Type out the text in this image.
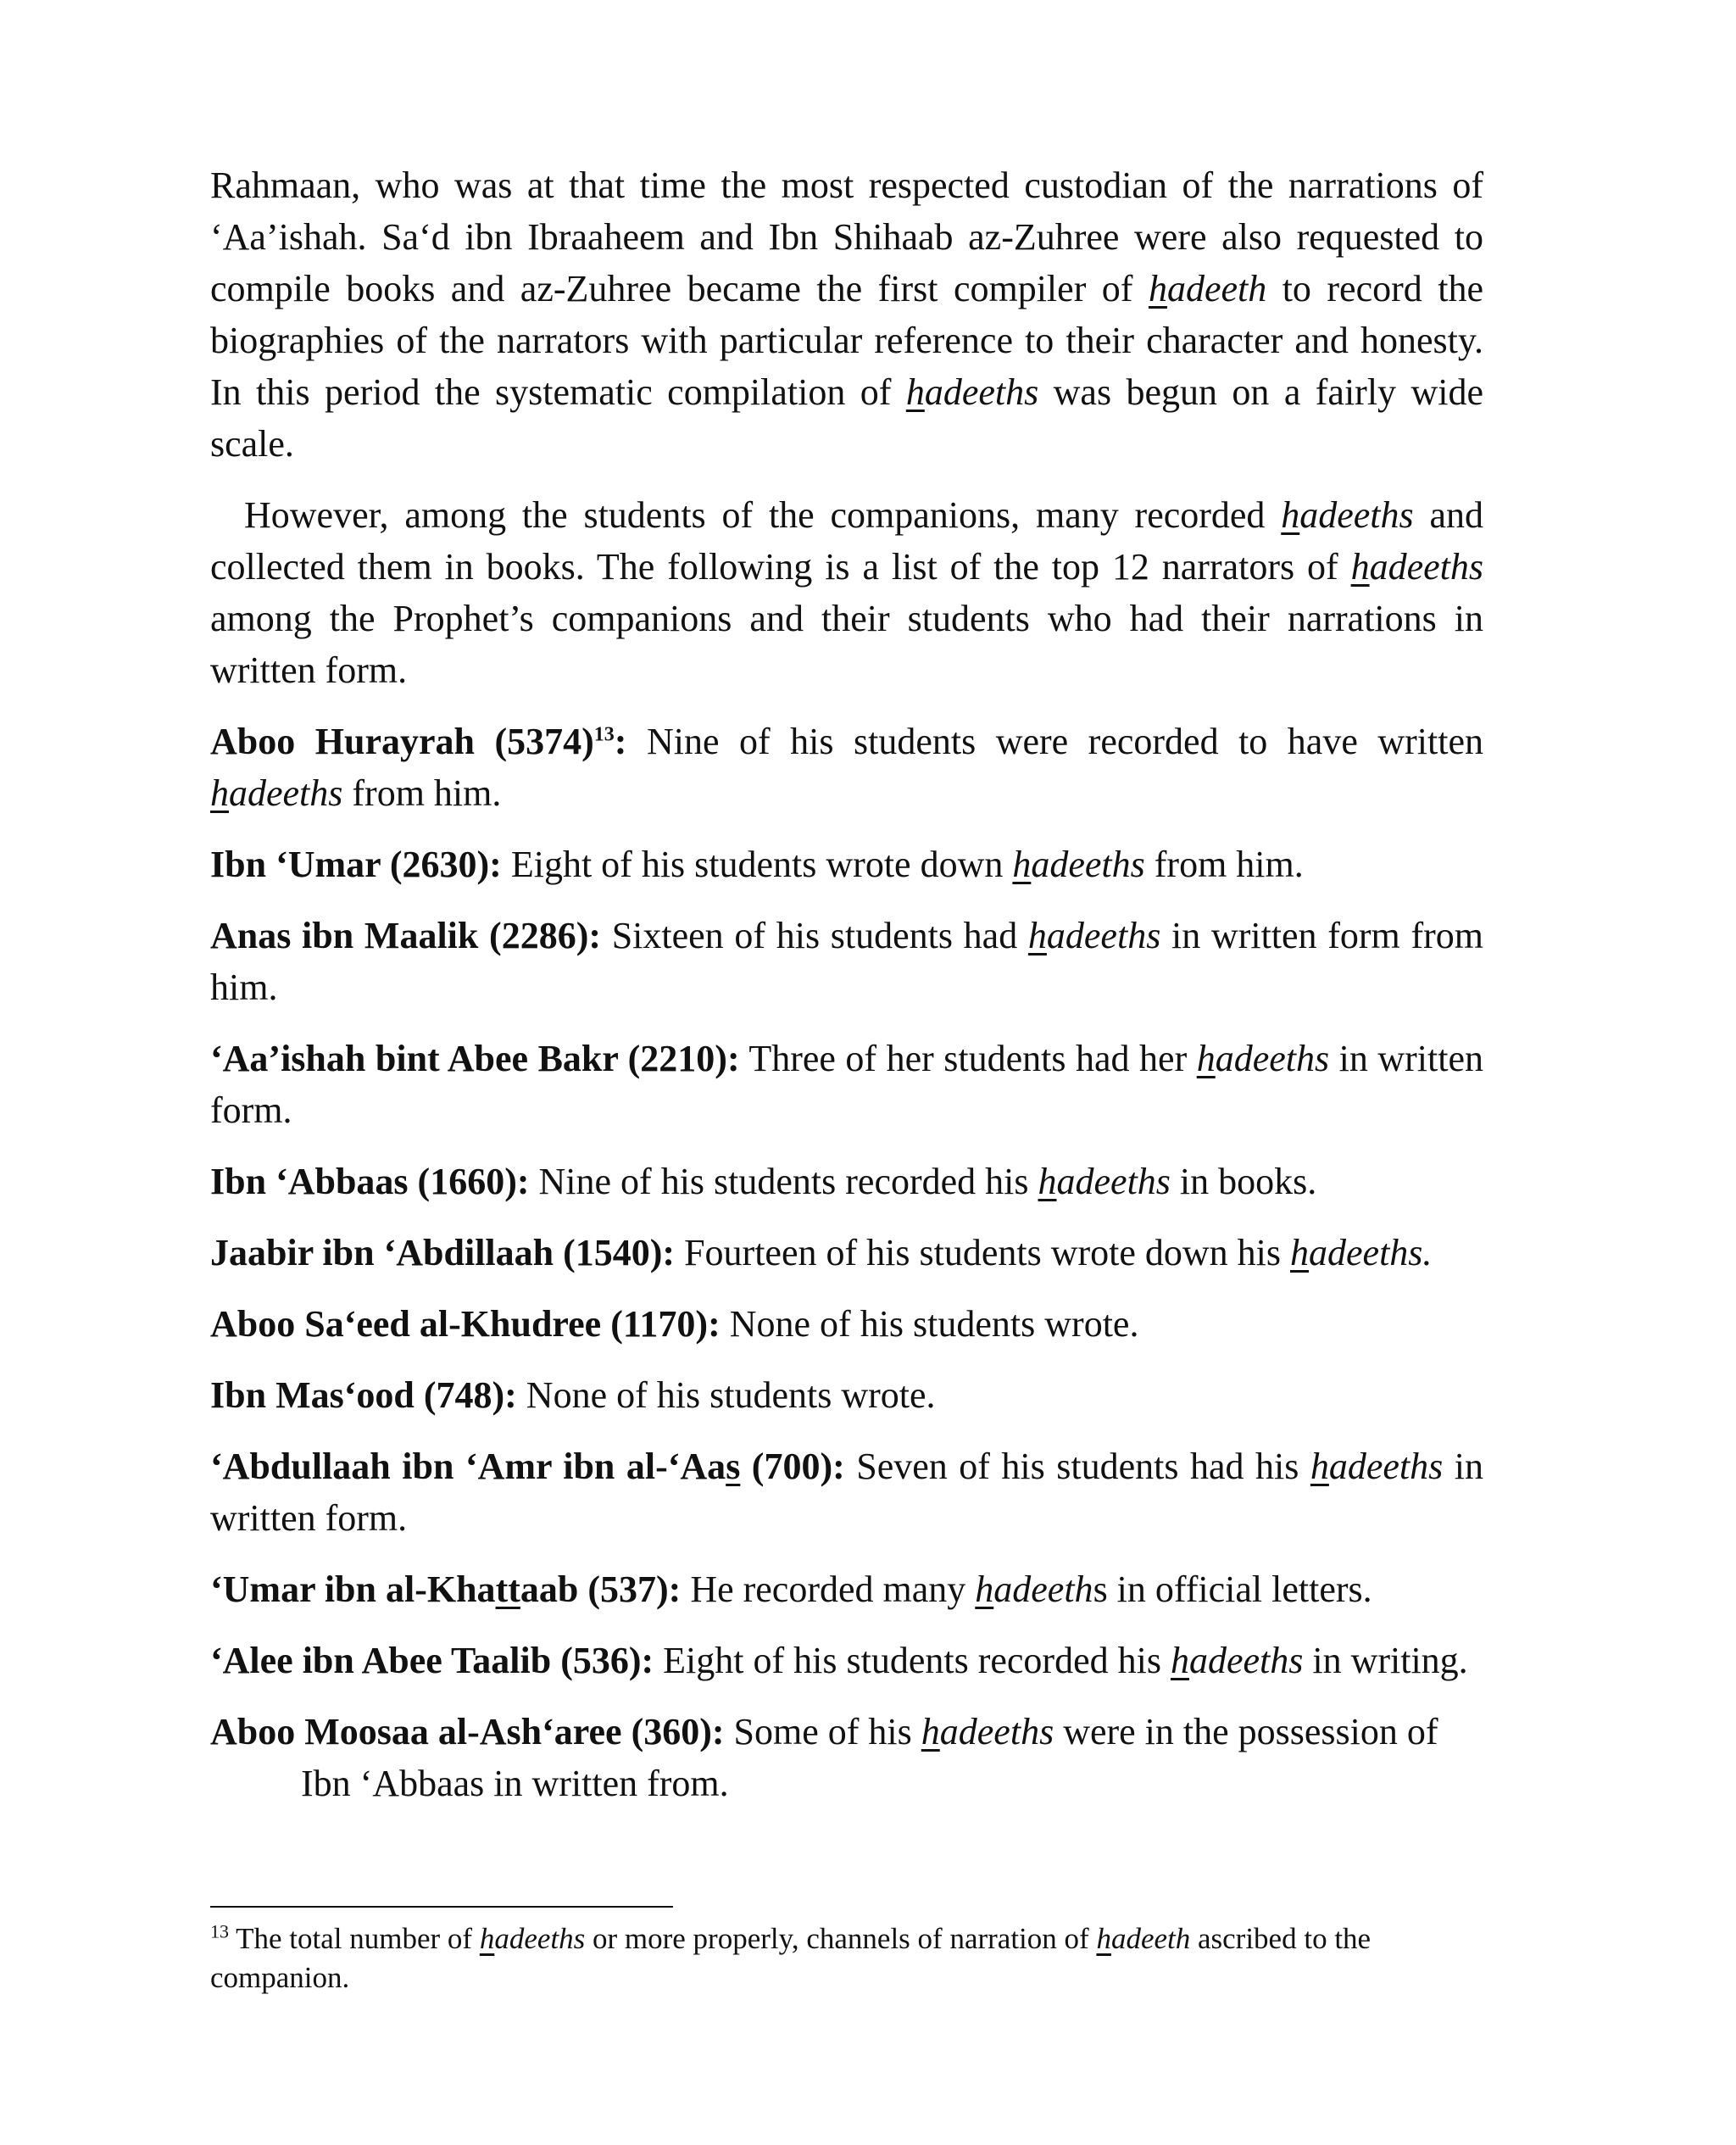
Rahmaan, who was at that time the most respected custodian of the narrations of ‘Aa’ishah. Sa‘d ibn Ibraaheem and Ibn Shihaab az-Zuhree were also requested to compile books and az-Zuhree became the first compiler of hadeeth to record the biographies of the narrators with particular reference to their character and honesty. In this period the systematic compilation of hadeeths was begun on a fairly wide scale.

However, among the students of the companions, many recorded hadeeths and collected them in books. The following is a list of the top 12 narrators of hadeeths among the Prophet’s companions and their students who had their narrations in written form.

Aboo Hurayrah $(5374)^{13}$: Nine of his students were recorded to have written hadeeths from him.

Ibn ‘Umar (2630): Eight of his students wrote down hadeeths from him.

Anas ibn Maalik (2286): Sixteen of his students had hadeeths in written form from him.

‘Aa’ishah bint Abee Bakr (2210): Three of her students had her hadeeths in written form.

Ibn ‘Abbaas (1660): Nine of his students recorded his hadeeths in books.

Jaabir ibn ‘Abdillaah (1540): Fourteen of his students wrote down his hadeeths.

Aboo Sa‘eed al-Khudree (1170): None of his students wrote.

Ibn Mas‘ood (748): None of his students wrote.

‘Abdullaah ibn ‘Amr ibn al-‘Aas (700): Seven of his students had his hadeeths in written form.

‘Umar ibn al-Khattaab (537): He recorded many hadeeths in official letters.

‘Alee ibn Abee Taalib (536): Eight of his students recorded his hadeeths in writing.

Aboo Moosaa al-Ash‘aree (360): Some of his hadeeths were in the possession of Ibn ‘Abbaas in written from.

$^{13}$ The total number of hadeeths or more properly, channels of narration of hadeeth ascribed to the companion.
